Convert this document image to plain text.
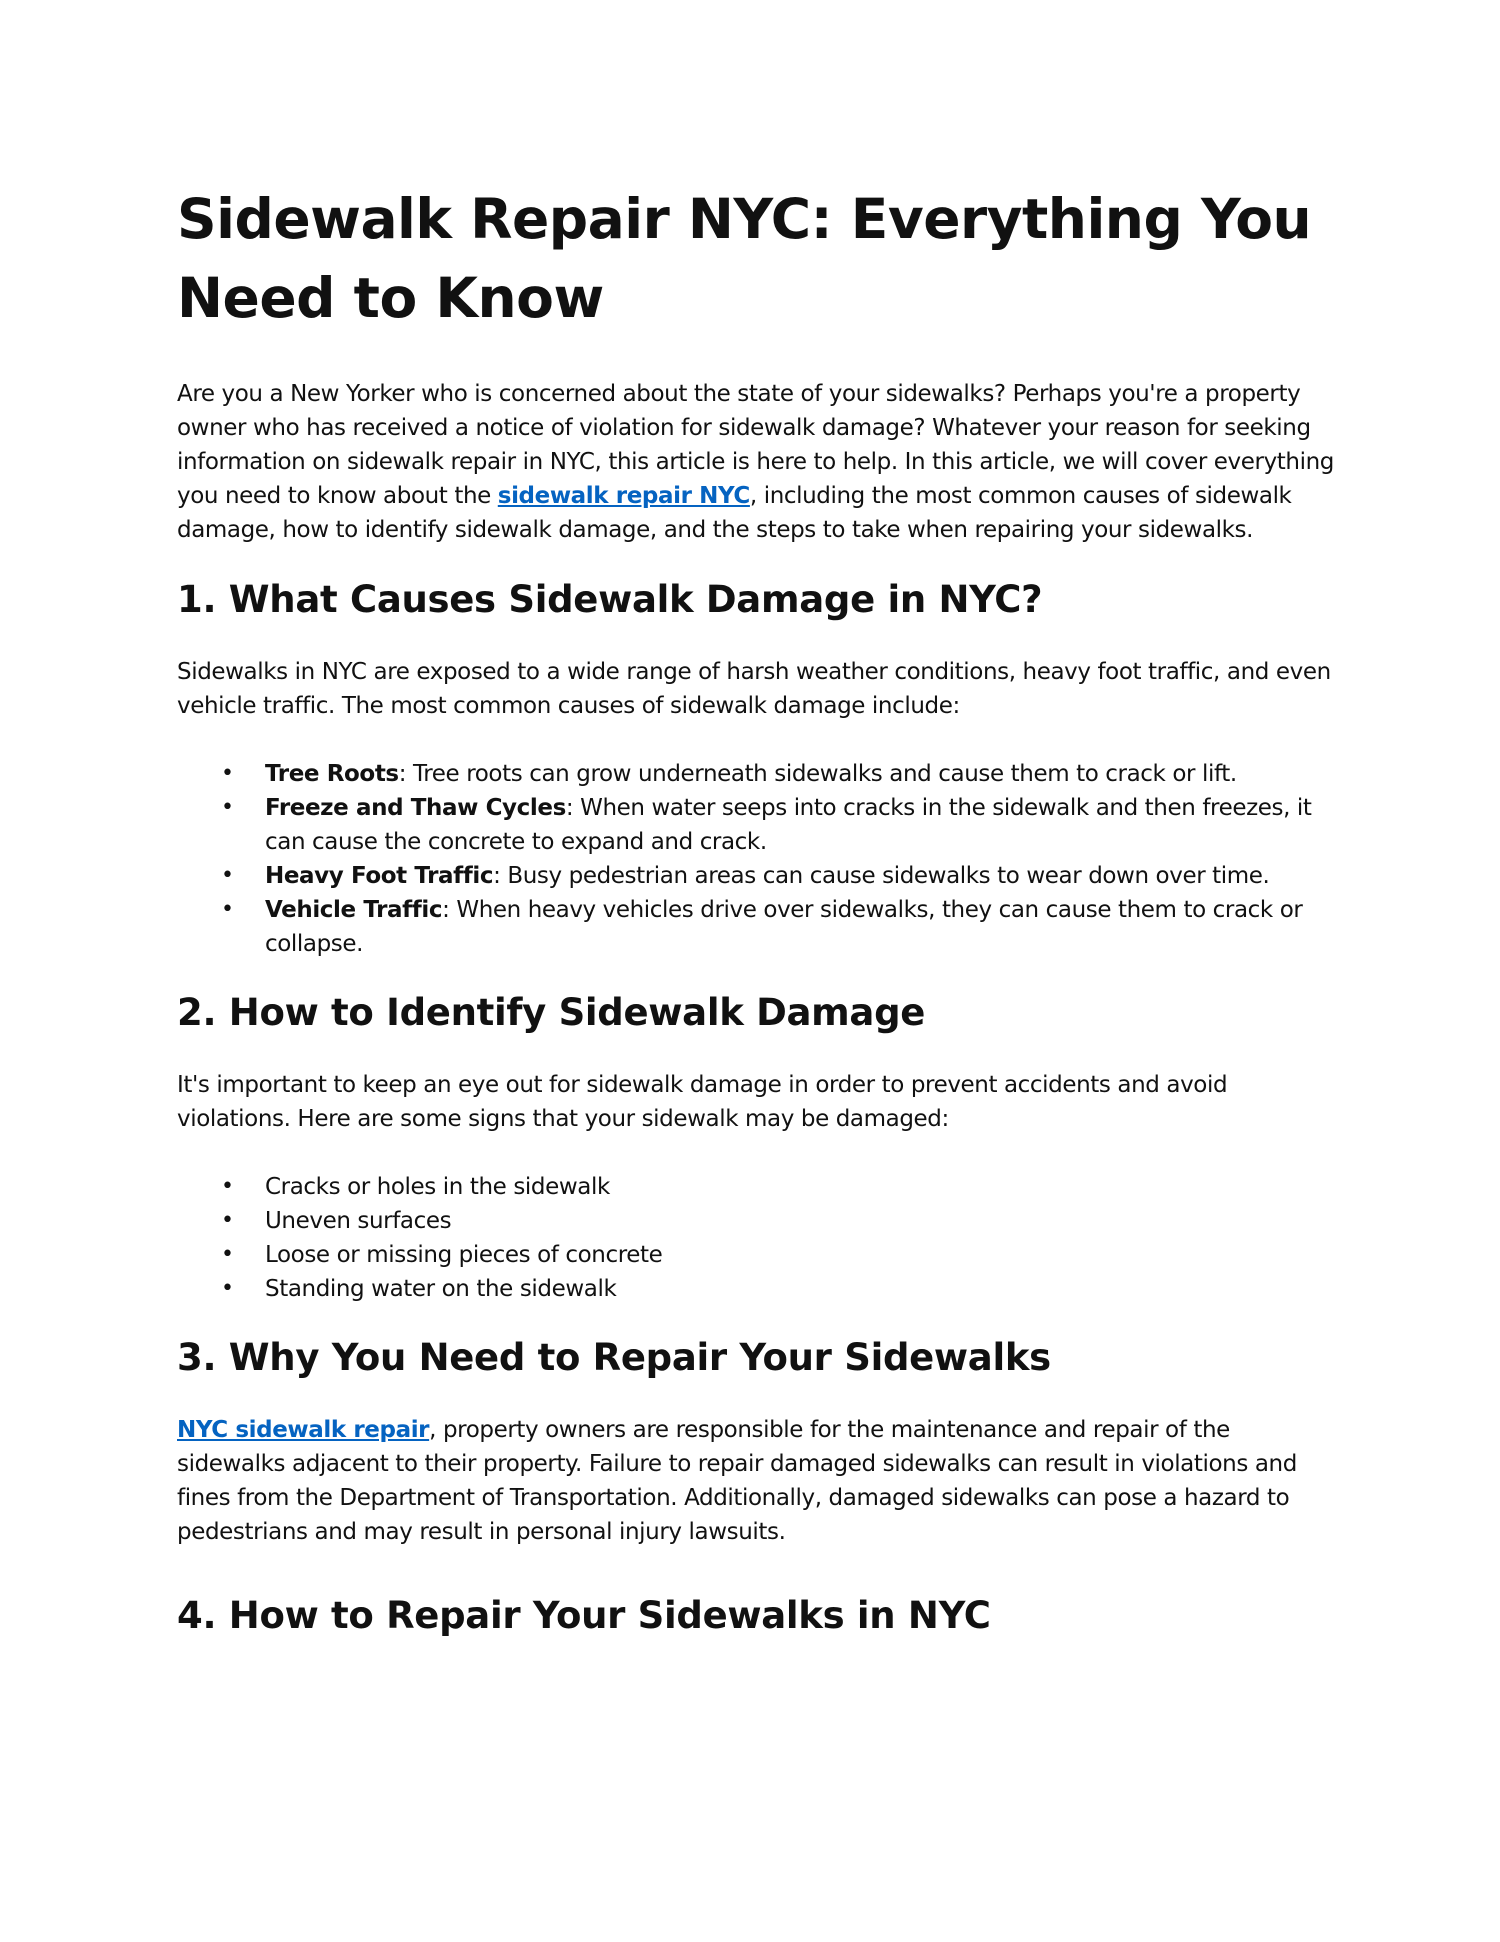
Sidewalk Repair NYC: Everything You Need to Know

Are you a New Yorker who is concerned about the state of your sidewalks? Perhaps you're a property owner who has received a notice of violation for sidewalk damage? Whatever your reason for seeking information on sidewalk repair in NYC, this article is here to help. In this article, we will cover everything you need to know about the sidewalk repair NYC, including the most common causes of sidewalk damage, how to identify sidewalk damage, and the steps to take when repairing your sidewalks.

1. What Causes Sidewalk Damage in NYC?

Sidewalks in NYC are exposed to a wide range of harsh weather conditions, heavy foot traffic, and even vehicle traffic. The most common causes of sidewalk damage include:

• Tree Roots: Tree roots can grow underneath sidewalks and cause them to crack or lift.
• Freeze and Thaw Cycles: When water seeps into cracks in the sidewalk and then freezes, it can cause the concrete to expand and crack.
• Heavy Foot Traffic: Busy pedestrian areas can cause sidewalks to wear down over time.
• Vehicle Traffic: When heavy vehicles drive over sidewalks, they can cause them to crack or collapse.
2. How to Identify Sidewalk Damage

It's important to keep an eye out for sidewalk damage in order to prevent accidents and avoid violations. Here are some signs that your sidewalk may be damaged:

• Cracks or holes in the sidewalk
• Uneven surfaces
• Loose or missing pieces of concrete
• Standing water on the sidewalk
3. Why You Need to Repair Your Sidewalks

NYC sidewalk repair, property owners are responsible for the maintenance and repair of the sidewalks adjacent to their property. Failure to repair damaged sidewalks can result in violations and fines from the Department of Transportation. Additionally, damaged sidewalks can pose a hazard to pedestrians and may result in personal injury lawsuits.

4. How to Repair Your Sidewalks in NYC
